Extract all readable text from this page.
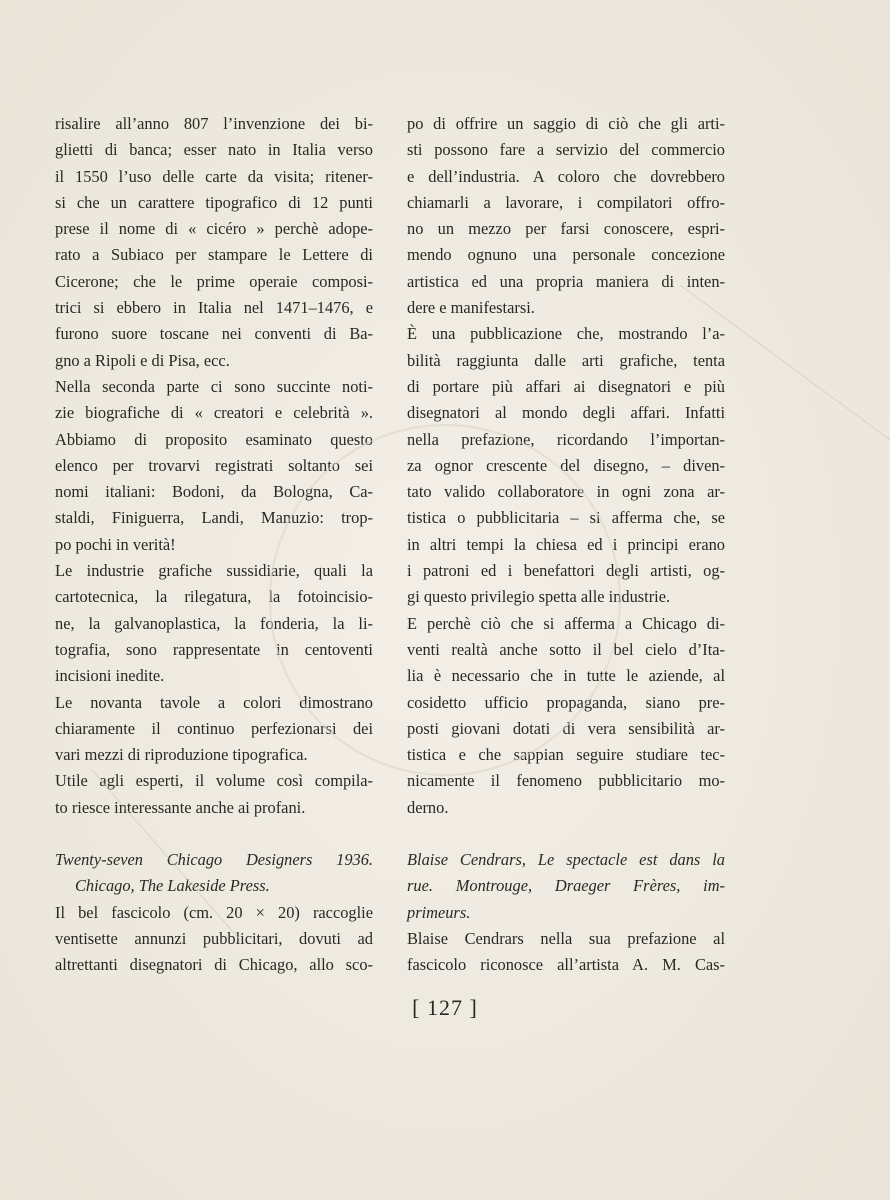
risalire all’anno 807 l’invenzione dei bi-
glietti di banca; esser nato in Italia verso
il 1550 l’uso delle carte da visita; ritener-
si che un carattere tipografico di 12 punti
prese il nome di « cicéro » perchè adope-
rato a Subiaco per stampare le Lettere di
Cicerone; che le prime operaie composi-
trici si ebbero in Italia nel 1471–1476, e
furono suore toscane nei conventi di Ba-
gno a Ripoli e di Pisa, ecc.
Nella seconda parte ci sono succinte noti-
zie biografiche di « creatori e celebrità ».
Abbiamo di proposito esaminato questo
elenco per trovarvi registrati soltanto sei
nomi italiani: Bodoni, da Bologna, Ca-
staldi, Finiguerra, Landi, Manuzio: trop-
po pochi in verità!
Le industrie grafiche sussidiarie, quali la
cartotecnica, la rilegatura, la fotoincisio-
ne, la galvanoplastica, la fonderia, la li-
tografia, sono rappresentate in centoventi
incisioni inedite.
Le novanta tavole a colori dimostrano
chiaramente il continuo perfezionarsi dei
vari mezzi di riproduzione tipografica.
Utile agli esperti, il volume così compila-
to riesce interessante anche ai profani.
Twenty-seven Chicago Designers 1936.
Chicago, The Lakeside Press.
Il bel fascicolo (cm. 20 × 20) raccoglie
ventisette annunzi pubblicitari, dovuti ad
altrettanti disegnatori di Chicago, allo sco-
po di offrire un saggio di ciò che gli arti-
sti possono fare a servizio del commercio
e dell’industria. A coloro che dovrebbero
chiamarli a lavorare, i compilatori offro-
no un mezzo per farsi conoscere, espri-
mendo ognuno una personale concezione
artistica ed una propria maniera di inten-
dere e manifestarsi.
È una pubblicazione che, mostrando l’a-
bilità raggiunta dalle arti grafiche, tenta
di portare più affari ai disegnatori e più
disegnatori al mondo degli affari. Infatti
nella prefazione, ricordando l’importan-
za ognor crescente del disegno, – diven-
tato valido collaboratore in ogni zona ar-
tistica o pubblicitaria – si afferma che, se
in altri tempi la chiesa ed i principi erano
i patroni ed i benefattori degli artisti, og-
gi questo privilegio spetta alle industrie.
E perchè ciò che si afferma a Chicago di-
venti realtà anche sotto il bel cielo d’Ita-
lia è necessario che in tutte le aziende, al
cosidetto ufficio propaganda, siano pre-
posti giovani dotati di vera sensibilità ar-
tistica e che sappian seguire studiare tec-
nicamente il fenomeno pubblicitario mo-
derno.
Blaise Cendrars, Le spectacle est dans la
rue. Montrouge, Draeger Frères, im-
primeurs.
Blaise Cendrars nella sua prefazione al
fascicolo riconosce all’artista A. M. Cas-
[ 127 ]
